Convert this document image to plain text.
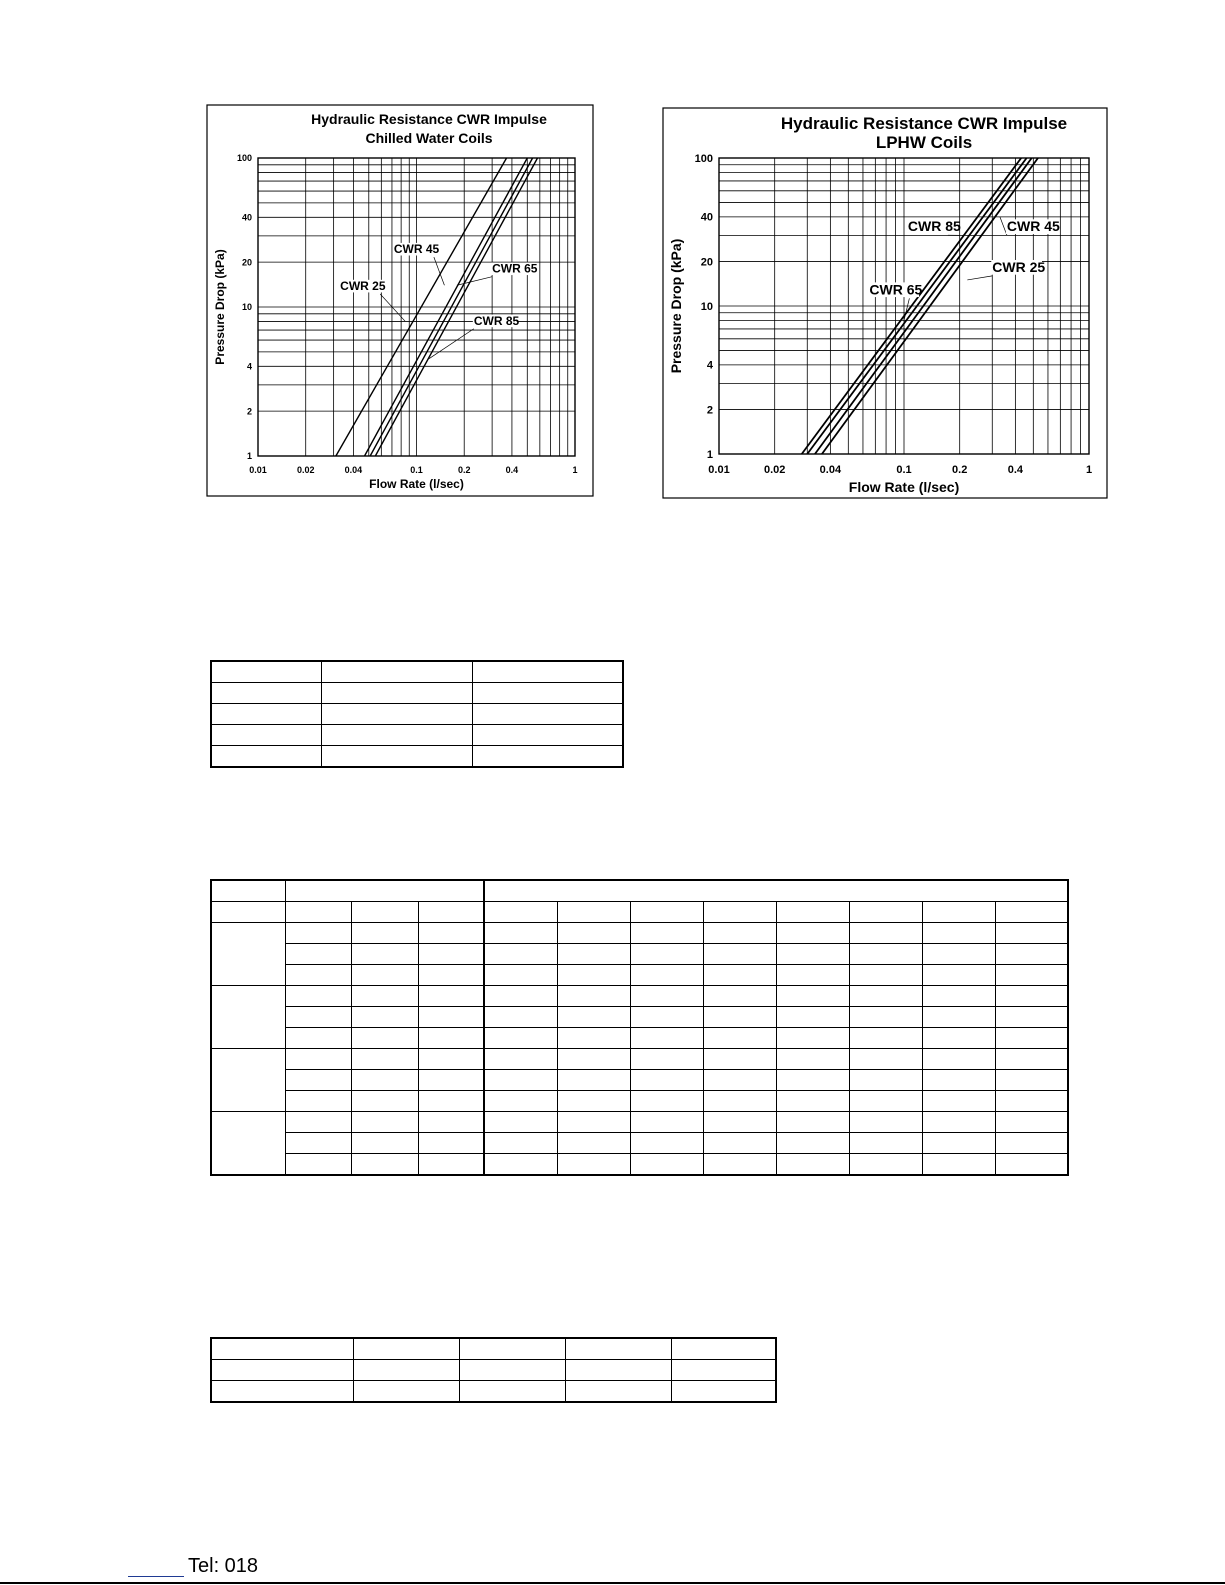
Hydraulic Resistance CWR Impulse
Chilled Water Coils
0.01	0.02	0.04	0.1	0.2	0.4	1
1
2
4
10
20
40
100
Flow Rate (l/sec)
Pressure Drop (kPa)
CWR 45
CWR 65
CWR 25
CWR 85
Hydraulic Resistance CWR Impulse
LPHW Coils
0.01	0.02	0.04	0.1	0.2	0.4	1
1
2
4
10
20
40
100
Flow Rate (l/sec)
Pressure Drop (kPa)
CWR 85	CWR 45
CWR 25
CWR 65

Tel: 018
